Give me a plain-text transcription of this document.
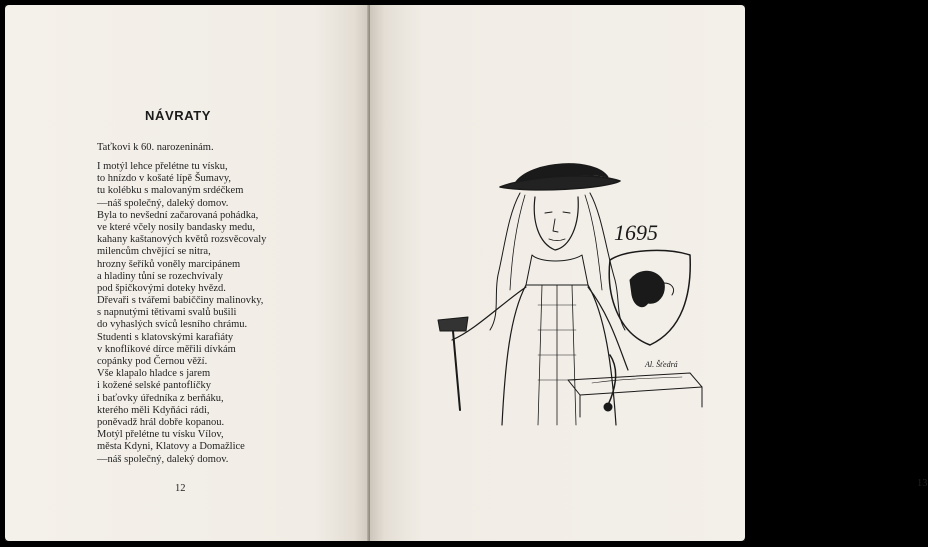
NÁVRATY
Taťkovi k 60. narozeninám.
I motýl lehce přelétne tu vísku,
to hnízdo v košaté lípě Šumavy,
tu kolébku s malovaným srdéčkem
—náš společný, daleký domov.
Byla to nevšední začarovaná pohádka,
ve které včely nosily bandasky medu,
kahany kaštanových květů rozsvěcovaly
milencům chvějící se nitra,
hrozny šeříků voněly marcipánem
a hladiny tůní se rozechvívaly
pod špičkovými doteky hvězd.
Dřevaři s tvářemi babiččiny malinovky,
s napnutými tětivami svalů bušili
do vyhaslých svíců lesního chrámu.
Studenti s klatovskými karafiáty
v knoflíkové dírce měřili dívkám
copánky pod Černou věží.
Vše klapalo hladce s jarem
i kožené selské pantoflíčky
i baťovky úředníka z berňáku,
kterého měli Kdyňáci rádi,
poněvadž hrál dobře kopanou.
Motýl přelétne tu vísku Vílov,
města Kdyni, Klatovy a Domažlice
—náš společný, daleký domov.
12	13
1695
Al. Šťedrá
